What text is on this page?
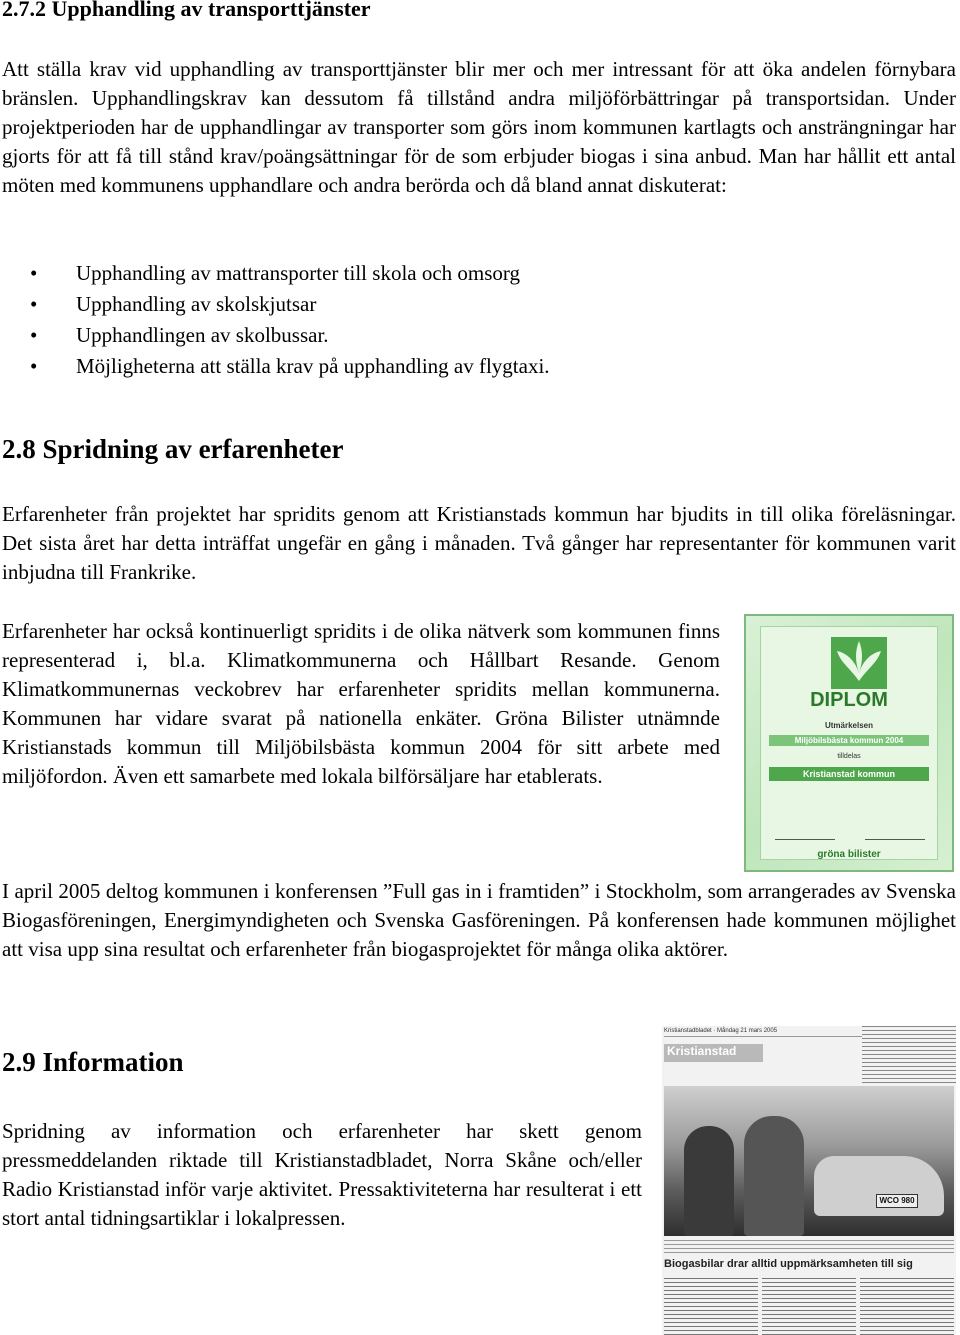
2.7.2 Upphandling av transporttjänster

Att ställa krav vid upphandling av transporttjänster blir mer och mer intressant för att öka andelen förnybara bränslen. Upphandlingskrav kan dessutom få tillstånd andra miljöförbättringar på transportsidan. Under projektperioden har de upphandlingar av transporter som görs inom kommunen kartlagts och ansträngningar har gjorts för att få till stånd krav/poängsättningar för de som erbjuder biogas i sina anbud. Man har hållit ett antal möten med kommunens upphandlare och andra berörda och då bland annat diskuterat:

• Upphandling av mattransporter till skola och omsorg
• Upphandling av skolskjutsar
• Upphandlingen av skolbussar.
• Möjligheterna att ställa krav på upphandling av flygtaxi.
2.8 Spridning av erfarenheter

Erfarenheter från projektet har spridits genom att Kristianstads kommun har bjudits in till olika föreläsningar. Det sista året har detta inträffat ungefär en gång i månaden. Två gånger har representanter för kommunen varit inbjudna till Frankrike.

Erfarenheter har också kontinuerligt spridits i de olika nätverk som kommunen finns representerad i, bl.a. Klimatkommunerna och Hållbart Resande. Genom Klimatkommunernas veckobrev har erfarenheter spridits mellan kommunerna. Kommunen har vidare svarat på nationella enkäter. Gröna Bilister utnämnde Kristianstads kommun till Miljöbilsbästa kommun 2004 för sitt arbete med miljöfordon. Även ett samarbete med lokala bilförsäljare har etablerats.

DIPLOM
Utmärkelsen
Miljöbilsbästa kommun 2004
tilldelas
Kristianstad kommun
gröna bilister

I april 2005 deltog kommunen i konferensen ”Full gas in i framtiden” i Stockholm, som arrangerades av Svenska Biogasföreningen, Energimyndigheten och Svenska Gasföreningen. På konferensen hade kommunen möjlighet att visa upp sina resultat och erfarenheter från biogasprojektet för många olika aktörer.

2.9 Information

Spridning av information och erfarenheter har skett genom pressmeddelanden riktade till Kristianstadbladet, Norra Skåne och/eller Radio Kristianstad inför varje aktivitet. Pressaktiviteterna har resulterat i ett stort antal tidningsartiklar i lokalpressen.

Kristianstadbladet · Måndag 21 mars 2005
Kristianstad
WCO 980
Biogasbilar drar alltid uppmärksamheten till sig
